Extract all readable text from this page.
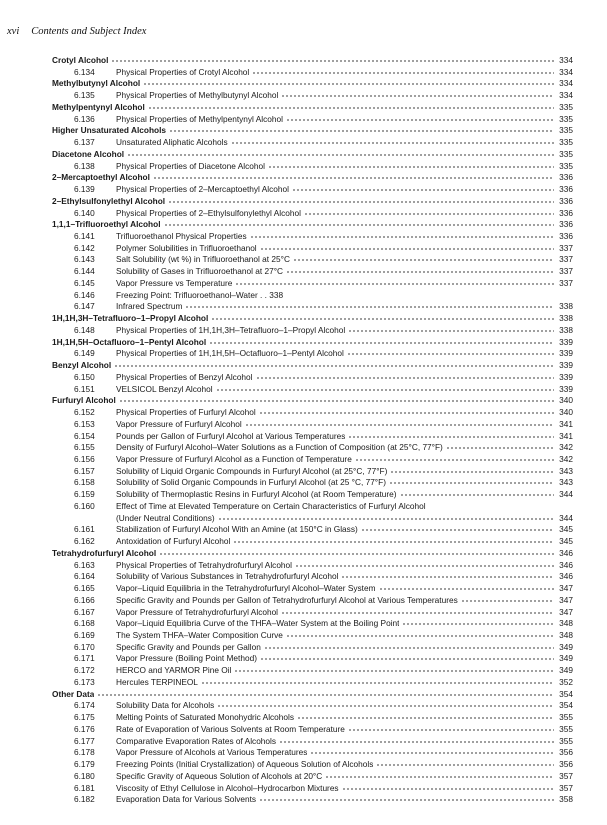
xvi Contents and Subject Index
Crotyl Alcohol	334
6.134	Physical Properties of Crotyl Alcohol	334
Methylbutynyl Alcohol	334
6.135	Physical Properties of Methylbutynyl Alcohol	334
Methylpentynyl Alcohol	335
6.136	Physical Properties of Methylpentynyl Alcohol	335
Higher Unsaturated Alcohols	335
6.137	Unsaturated Aliphatic Alcohols	335
Diacetone Alcohol	335
6.138	Physical Properties of Diacetone Alcohol	335
2–Mercaptoethyl Alcohol	336
6.139	Physical Properties of 2–Mercaptoethyl Alcohol	336
2–Ethylsulfonylethyl Alcohol	336
6.140	Physical Properties of 2–Ethylsulfonylethyl Alcohol	336
1,1,1–Trifluoroethyl Alcohol	336
6.141	Trifluoroethanol Physical Properties	336
6.142	Polymer Solubilities in Trifluoroethanol	337
6.143	Salt Solubility (wt %) in Trifluoroethanol at 25°C	337
6.144	Solubility of Gases in Trifluoroethanol at 27°C	337
6.145	Vapor Pressure vs Temperature	337
6.146	Freezing Point: Trifluoroethanol–Water . . 338
6.147	Infrared Spectrum	338
1H,1H,3H–Tetrafluoro–1–Propyl Alcohol	338
6.148	Physical Properties of 1H,1H,3H–Tetrafluoro–1–Propyl Alcohol	338
1H,1H,5H–Octafluoro–1–Pentyl Alcohol	339
6.149	Physical Properties of 1H,1H,5H–Octafluoro–1–Pentyl Alcohol	339
Benzyl Alcohol	339
6.150	Physical Properties of Benzyl Alcohol	339
6.151	VELSICOL Benzyl Alcohol	339
Furfuryl Alcohol	340
6.152	Physical Properties of Furfuryl Alcohol	340
6.153	Vapor Pressure of Furfuryl Alcohol	341
6.154	Pounds per Gallon of Furfuryl Alcohol at Various Temperatures	341
6.155	Density of Furfuryl Alcohol–Water Solutions as a Function of Composition (at 25°C, 77°F)	342
6.156	Vapor Pressure of Furfuryl Alcohol as a Function of Temperature	342
6.157	Solubility of Liquid Organic Compounds in Furfuryl Alcohol (at 25°C, 77°F)	343
6.158	Solubility of Solid Organic Compounds in Furfuryl Alcohol (at 25 °C, 77°F)	343
6.159	Solubility of Thermoplastic Resins in Furfuryl Alcohol (at Room Temperature)	344
6.160	Effect of Time at Elevated Temperature on Certain Characteristics of Furfuryl Alcohol
(Under Neutral Conditions)	344
6.161	Stabilization of Furfuryl Alcohol With an Amine (at 150°C in Glass)	345
6.162	Antoxidation of Furfuryl Alcohol	345
Tetrahydrofurfuryl Alcohol	346
6.163	Physical Properties of Tetrahydrofurfuryl Alcohol	346
6.164	Solubility of Various Substances in Tetrahydrofurfuryl Alcohol	346
6.165	Vapor–Liquid Equilibria in the Tetrahydrofurfuryl Alcohol–Water System	347
6.166	Specific Gravity and Pounds per Gallon of Tetrahydrofurfuryl Alcohol at Various Temperatures	347
6.167	Vapor Pressure of Tetrahydrofurfuryl Alcohol	347
6.168	Vapor–Liquid Equilibria Curve of the THFA–Water System at the Boiling Point	348
6.169	The System THFA–Water Composition Curve	348
6.170	Specific Gravity and Pounds per Gallon	349
6.171	Vapor Pressure (Boiling Point Method)	349
6.172	HERCO and YARMOR Pine Oil	349
6.173	Hercules TERPINEOL	352
Other Data	354
6.174	Solubility Data for Alcohols	354
6.175	Melting Points of Saturated Monohydric Alcohols	355
6.176	Rate of Evaporation of Various Solvents at Room Temperature	355
6.177	Comparative Evaporation Rates of Alcohols	355
6.178	Vapor Pressure of Alcohols at Various Temperatures	356
6.179	Freezing Points (Initial Crystallization) of Aqueous Solution of Alcohols	356
6.180	Specific Gravity of Aqueous Solution of Alcohols at 20°C	357
6.181	Viscosity of Ethyl Cellulose in Alcohol–Hydrocarbon Mixtures	357
6.182	Evaporation Data for Various Solvents	358
